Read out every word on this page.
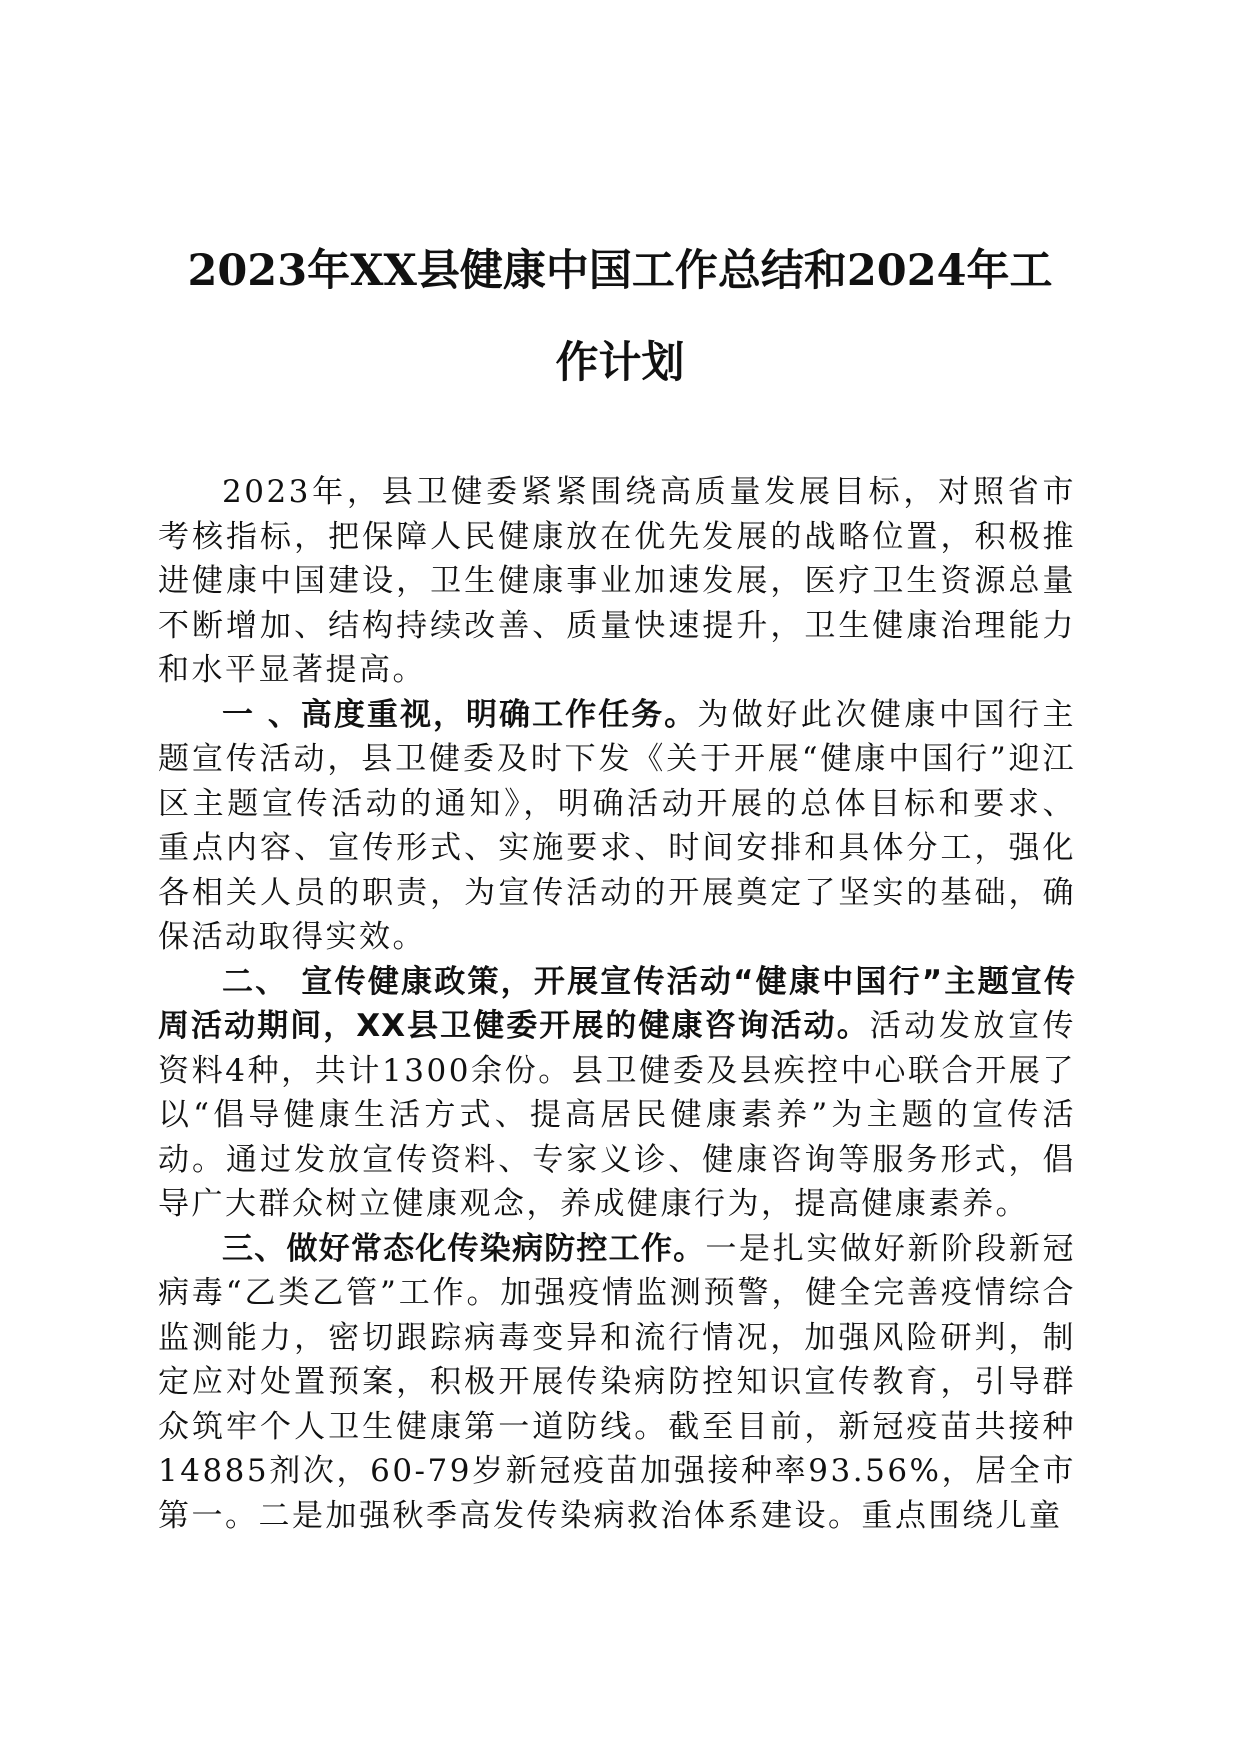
2023年XX县健康中国工作总结和2024年工
作计划

2023年，县卫健委紧紧围绕高质量发展目标，对照省市考核指标，把保障人民健康放在优先发展的战略位置，积极推进健康中国建设，卫生健康事业加速发展，医疗卫生资源总量不断增加、结构持续改善、质量快速提升，卫生健康治理能力和水平显著提高。

一 、高度重视，明确工作任务。为做好此次健康中国行主题宣传活动，县卫健委及时下发《关于开展“健康中国行”迎江区主题宣传活动的通知》，明确活动开展的总体目标和要求、重点内容、宣传形式、实施要求、时间安排和具体分工，强化各相关人员的职责，为宣传活动的开展奠定了坚实的基础，确保活动取得实效。

二、 宣传健康政策，开展宣传活动“健康中国行”主题宣传周活动期间，XX县卫健委开展的健康咨询活动。活动发放宣传资料4种，共计1300余份。县卫健委及县疾控中心联合开展了以“倡导健康生活方式、提高居民健康素养”为主题的宣传活动。通过发放宣传资料、专家义诊、健康咨询等服务形式，倡导广大群众树立健康观念，养成健康行为，提高健康素养。

三、做好常态化传染病防控工作。一是扎实做好新阶段新冠病毒“乙类乙管”工作。加强疫情监测预警，健全完善疫情综合监测能力，密切跟踪病毒变异和流行情况，加强风险研判，制定应对处置预案，积极开展传染病防控知识宣传教育，引导群众筑牢个人卫生健康第一道防线。截至目前，新冠疫苗共接种14885剂次，60-79岁新冠疫苗加强接种率93.56%，居全市第一。二是加强秋季高发传染病救治体系建设。重点围绕儿童
